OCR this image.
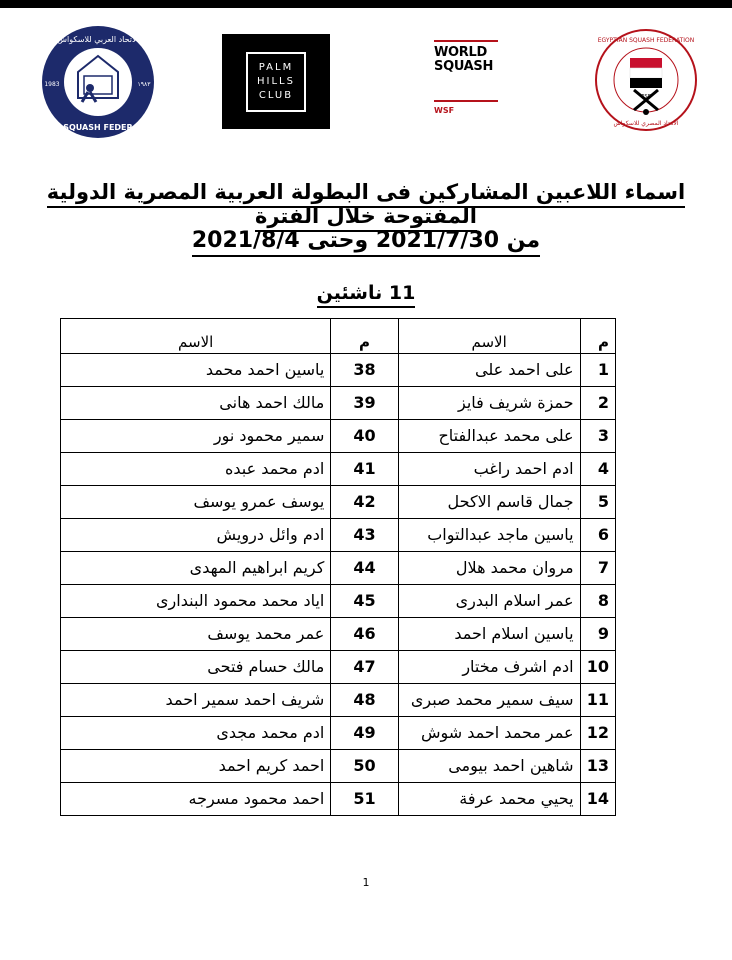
الاتحاد العربي للاسكواش
ARAB SQUASH FEDERATION
1983	١٩٨٣
PALM
HILLS
CLUB
WORLD
SQUASH
WSF
EGYPTIAN SQUASH FEDERATION
الاتحاد المصري للاسكواش
ESF
اسماء اللاعبين المشاركين فى البطولة العربية المصرية الدولية المفتوحة خلال الفترة
من 2021/7/30 وحتى 2021/8/4
11 ناشئين
م	الاسم	م	الاسم
1	على احمد على	38	ياسين احمد محمد
2	حمزة شريف فايز	39	مالك احمد هانى
3	على محمد عبدالفتاح	40	سمير محمود نور
4	ادم احمد راغب	41	ادم محمد عبده
5	جمال قاسم الاكحل	42	يوسف عمرو يوسف
6	ياسين ماجد عبدالتواب	43	ادم وائل درويش
7	مروان محمد هلال	44	كريم ابراهيم المهدى
8	عمر اسلام البدرى	45	اياد محمد محمود البندارى
9	ياسين اسلام احمد	46	عمر محمد يوسف
10	ادم اشرف مختار	47	مالك حسام فتحى
11	سيف سمير محمد صبرى	48	شريف احمد سمير احمد
12	عمر محمد احمد شوش	49	ادم محمد مجدى
13	شاهين احمد بيومى	50	احمد كريم احمد
14	يحيي محمد عرفة	51	احمد محمود مسرجه
1
